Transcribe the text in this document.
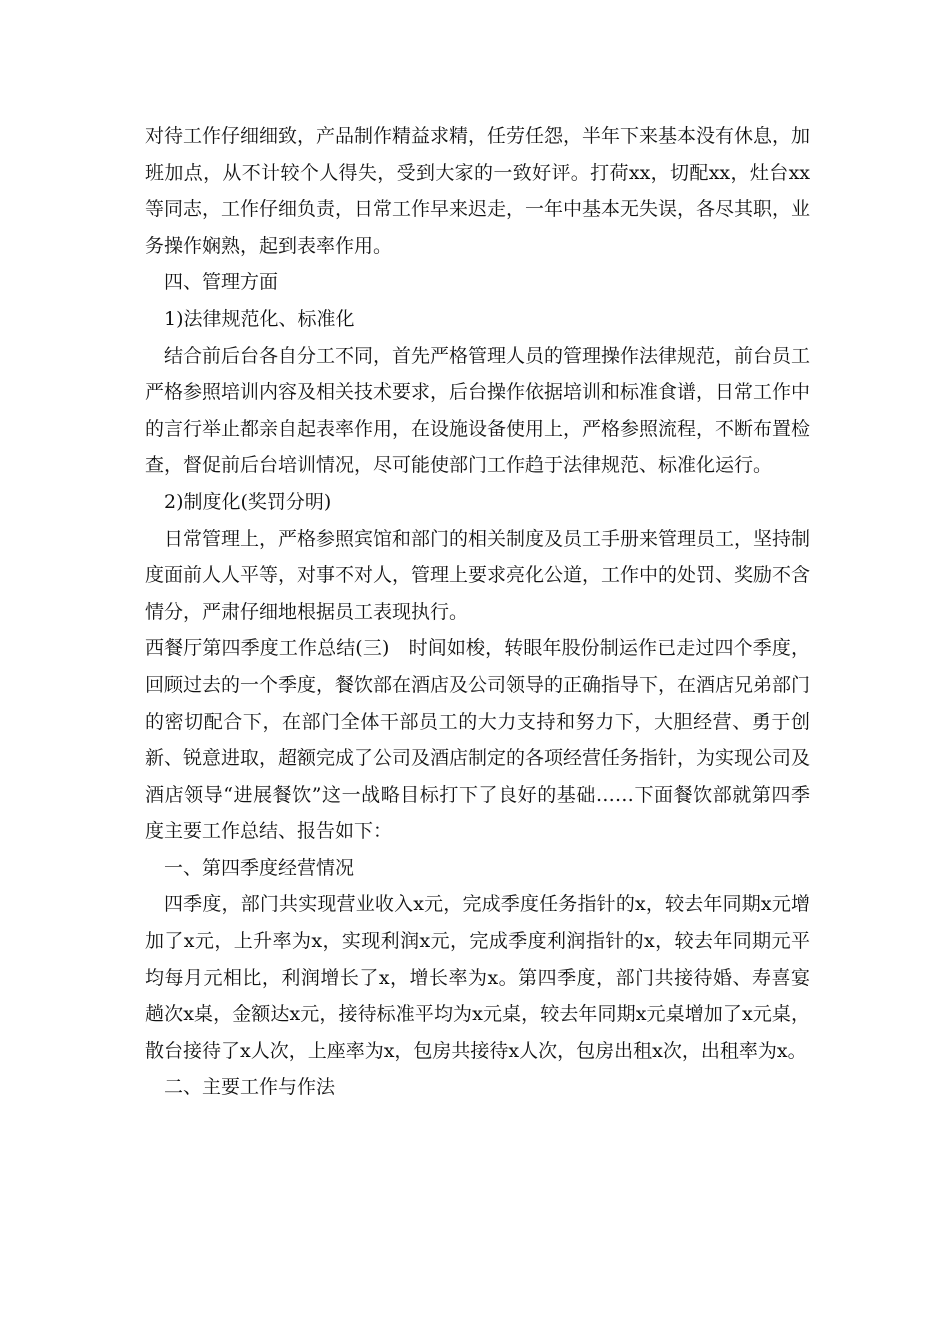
对待工作仔细细致，产品制作精益求精，任劳任怨，半年下来基本没有休息，加班加点，从不计较个人得失，受到大家的一致好评。打荷xx，切配xx，灶台xx等同志，工作仔细负责，日常工作早来迟走，一年中基本无失误，各尽其职，业务操作娴熟，起到表率作用。

四、管理方面

1)法律规范化、标准化

结合前后台各自分工不同，首先严格管理人员的管理操作法律规范，前台员工严格参照培训内容及相关技术要求，后台操作依据培训和标准食谱，日常工作中的言行举止都亲自起表率作用，在设施设备使用上，严格参照流程，不断布置检查，督促前后台培训情况，尽可能使部门工作趋于法律规范、标准化运行。

2)制度化(奖罚分明)

日常管理上，严格参照宾馆和部门的相关制度及员工手册来管理员工，坚持制度面前人人平等，对事不对人，管理上要求亮化公道，工作中的处罚、奖励不含情分，严肃仔细地根据员工表现执行。

西餐厅第四季度工作总结(三)　时间如梭，转眼年股份制运作已走过四个季度，回顾过去的一个季度，餐饮部在酒店及公司领导的正确指导下，在酒店兄弟部门的密切配合下，在部门全体干部员工的大力支持和努力下，大胆经营、勇于创新、锐意进取，超额完成了公司及酒店制定的各项经营任务指针，为实现公司及酒店领导“进展餐饮”这一战略目标打下了良好的基础……下面餐饮部就第四季度主要工作总结、报告如下：

一、第四季度经营情况

四季度，部门共实现营业收入x元，完成季度任务指针的x，较去年同期x元增加了x元，上升率为x，实现利润x元，完成季度利润指针的x，较去年同期元平均每月元相比，利润增长了x，增长率为x。第四季度，部门共接待婚、寿喜宴趟次x桌，金额达x元，接待标准平均为x元桌，较去年同期x元桌增加了x元桌，散台接待了x人次，上座率为x，包房共接待x人次，包房出租x次，出租率为x。

二、主要工作与作法
